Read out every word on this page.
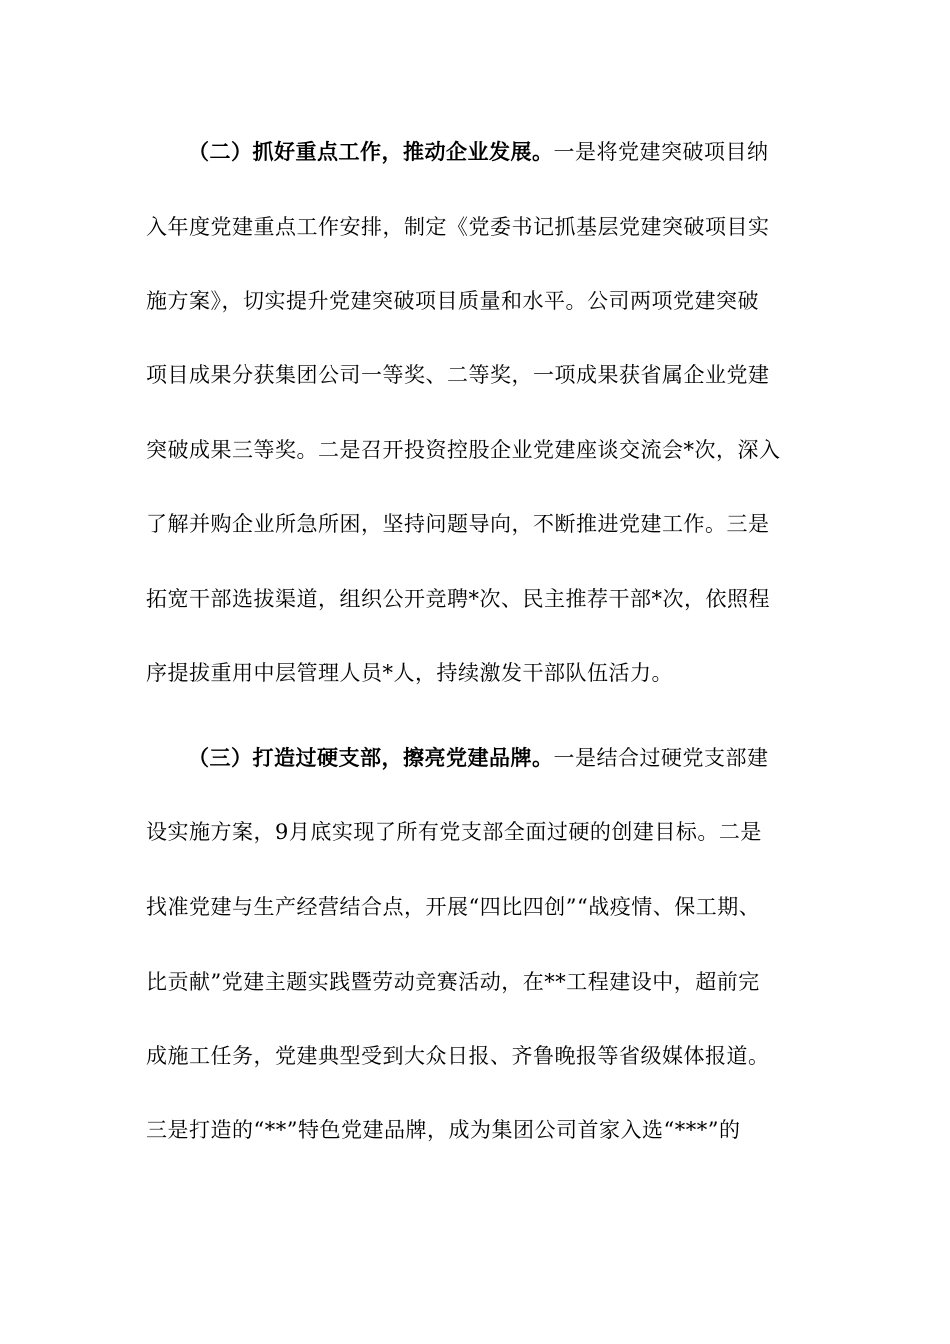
（二）抓好重点工作，推动企业发展。一是将党建突破项目纳
入年度党建重点工作安排，制定《党委书记抓基层党建突破项目实
施方案》，切实提升党建突破项目质量和水平。公司两项党建突破
项目成果分获集团公司一等奖、二等奖，一项成果获省属企业党建
突破成果三等奖。二是召开投资控股企业党建座谈交流会*次，深入
了解并购企业所急所困，坚持问题导向，不断推进党建工作。三是
拓宽干部选拔渠道，组织公开竞聘*次、民主推荐干部*次，依照程
序提拔重用中层管理人员*人，持续激发干部队伍活力。
（三）打造过硬支部，擦亮党建品牌。一是结合过硬党支部建
设实施方案，9月底实现了所有党支部全面过硬的创建目标。二是
找准党建与生产经营结合点，开展“四比四创”“战疫情、保工期、
比贡献”党建主题实践暨劳动竞赛活动，在**工程建设中，超前完
成施工任务，党建典型受到大众日报、齐鲁晚报等省级媒体报道。
三是打造的“**”特色党建品牌，成为集团公司首家入选“***”的
